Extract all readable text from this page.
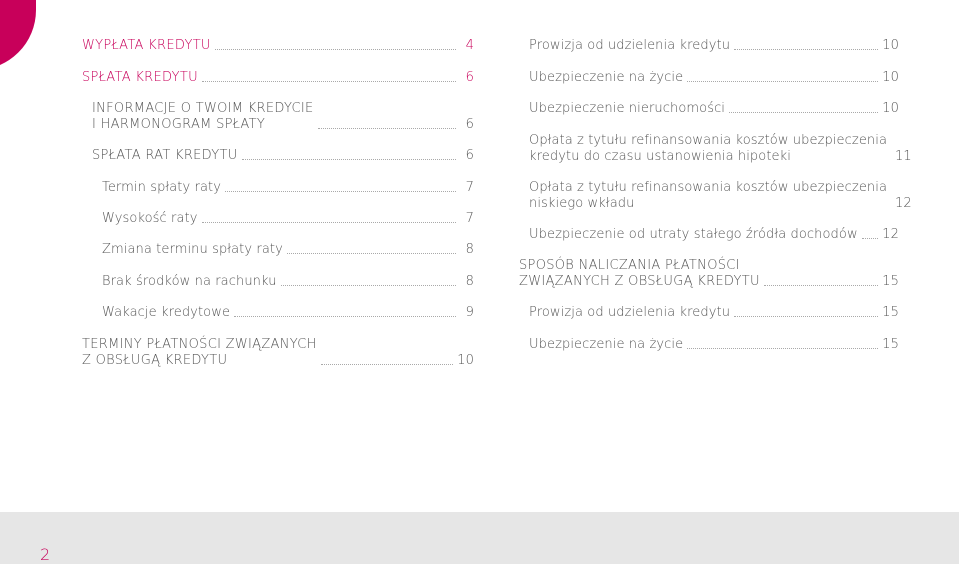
WYPŁATA KREDYTU	4
SPŁATA KREDYTU	6
INFORMACJE O TWOIM KREDYCIE
I HARMONOGRAM SPŁATY	6
SPŁATA RAT KREDYTU	6
Termin spłaty raty	7
Wysokość raty	7
Zmiana terminu spłaty raty	8
Brak środków na rachunku	8
Wakacje kredytowe	9
TERMINY PŁATNOŚCI ZWIĄZANYCH
Z OBSŁUGĄ KREDYTU	10
Prowizja od udzielenia kredytu	10
Ubezpieczenie na życie	10
Ubezpieczenie nieruchomości	10
Opłata z tytułu refinansowania kosztów ubezpieczenia
kredytu do czasu ustanowienia hipoteki	11
Opłata z tytułu refinansowania kosztów ubezpieczenia
niskiego wkładu	12
Ubezpieczenie od utraty stałego źródła dochodów 12
SPOSÓB NALICZANIA PŁATNOŚCI
ZWIĄZANYCH Z OBSŁUGĄ KREDYTU	15
Prowizja od udzielenia kredytu	15
Ubezpieczenie na życie	15
2
